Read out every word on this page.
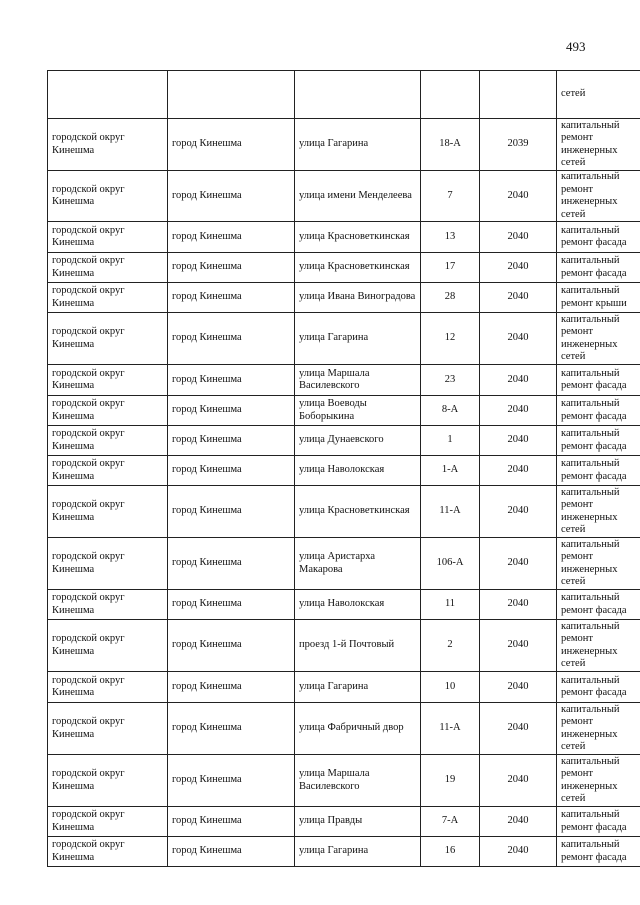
493
					сетей
городской округ Кинешма	город Кинешма	улица Гагарина	18-А	2039	капитальный ремонт инженерных сетей
городской округ Кинешма	город Кинешма	улица имени Менделеева	7	2040	капитальный ремонт инженерных сетей
городской округ Кинешма	город Кинешма	улица Красноветкинская	13	2040	капитальный ремонт фасада
городской округ Кинешма	город Кинешма	улица Красноветкинская	17	2040	капитальный ремонт фасада
городской округ Кинешма	город Кинешма	улица Ивана Виноградова	28	2040	капитальный ремонт крыши
городской округ Кинешма	город Кинешма	улица Гагарина	12	2040	капитальный ремонт инженерных сетей
городской округ Кинешма	город Кинешма	улица Маршала Василевского	23	2040	капитальный ремонт фасада
городской округ Кинешма	город Кинешма	улица Воеводы Боборыкина	8-А	2040	капитальный ремонт фасада
городской округ Кинешма	город Кинешма	улица Дунаевского	1	2040	капитальный ремонт фасада
городской округ Кинешма	город Кинешма	улица Наволокская	1-А	2040	капитальный ремонт фасада
городской округ Кинешма	город Кинешма	улица Красноветкинская	11-А	2040	капитальный ремонт инженерных сетей
городской округ Кинешма	город Кинешма	улица Аристарха Макарова	106-А	2040	капитальный ремонт инженерных сетей
городской округ Кинешма	город Кинешма	улица Наволокская	11	2040	капитальный ремонт фасада
городской округ Кинешма	город Кинешма	проезд 1-й Почтовый	2	2040	капитальный ремонт инженерных сетей
городской округ Кинешма	город Кинешма	улица Гагарина	10	2040	капитальный ремонт фасада
городской округ Кинешма	город Кинешма	улица Фабричный двор	11-А	2040	капитальный ремонт инженерных сетей
городской округ Кинешма	город Кинешма	улица Маршала Василевского	19	2040	капитальный ремонт инженерных сетей
городской округ Кинешма	город Кинешма	улица Правды	7-А	2040	капитальный ремонт фасада
городской округ Кинешма	город Кинешма	улица Гагарина	16	2040	капитальный ремонт фасада
